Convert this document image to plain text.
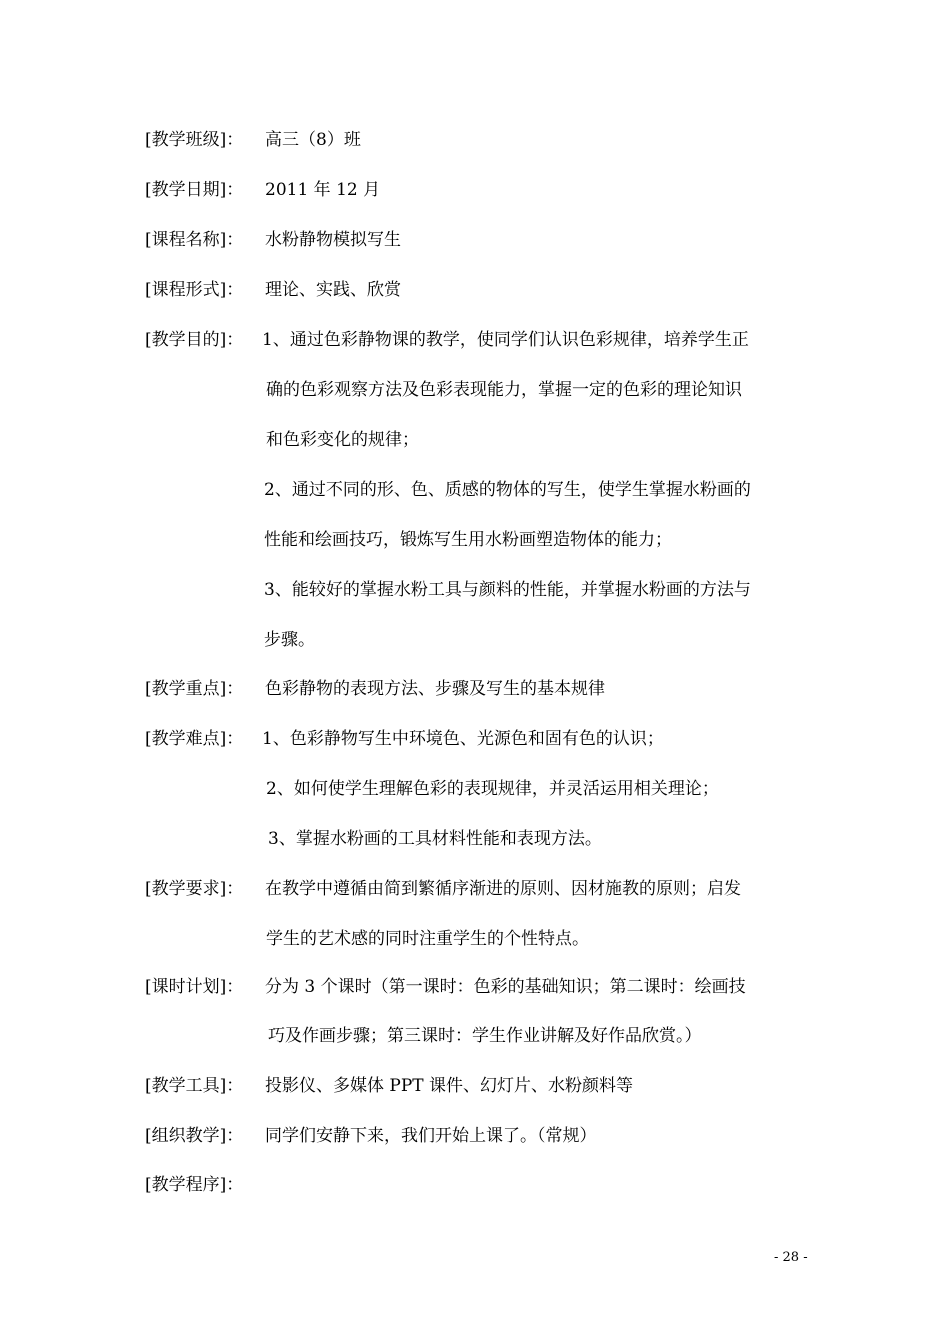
[教学班级]： 高三（8）班
[教学日期]： 2011 年 12 月
[课程名称]： 水粉静物模拟写生
[课程形式]： 理论、实践、欣赏
[教学目的]： 1、通过色彩静物课的教学，使同学们认识色彩规律，培养学生正
确的色彩观察方法及色彩表现能力，掌握一定的色彩的理论知识
和色彩变化的规律；
2、通过不同的形、色、质感的物体的写生，使学生掌握水粉画的
性能和绘画技巧，锻炼写生用水粉画塑造物体的能力；
3、能较好的掌握水粉工具与颜料的性能，并掌握水粉画的方法与
步骤。
[教学重点]： 色彩静物的表现方法、步骤及写生的基本规律
[教学难点]： 1、色彩静物写生中环境色、光源色和固有色的认识；
2、如何使学生理解色彩的表现规律，并灵活运用相关理论；
3、掌握水粉画的工具材料性能和表现方法。
[教学要求]： 在教学中遵循由简到繁循序渐进的原则、因材施教的原则；启发
学生的艺术感的同时注重学生的个性特点。
[课时计划]： 分为 3 个课时（第一课时：色彩的基础知识；第二课时：绘画技
巧及作画步骤；第三课时：学生作业讲解及好作品欣赏。）
[教学工具]： 投影仪、多媒体 PPT 课件、幻灯片、水粉颜料等
[组织教学]： 同学们安静下来，我们开始上课了。（常规）
[教学程序]：
- 28 -
